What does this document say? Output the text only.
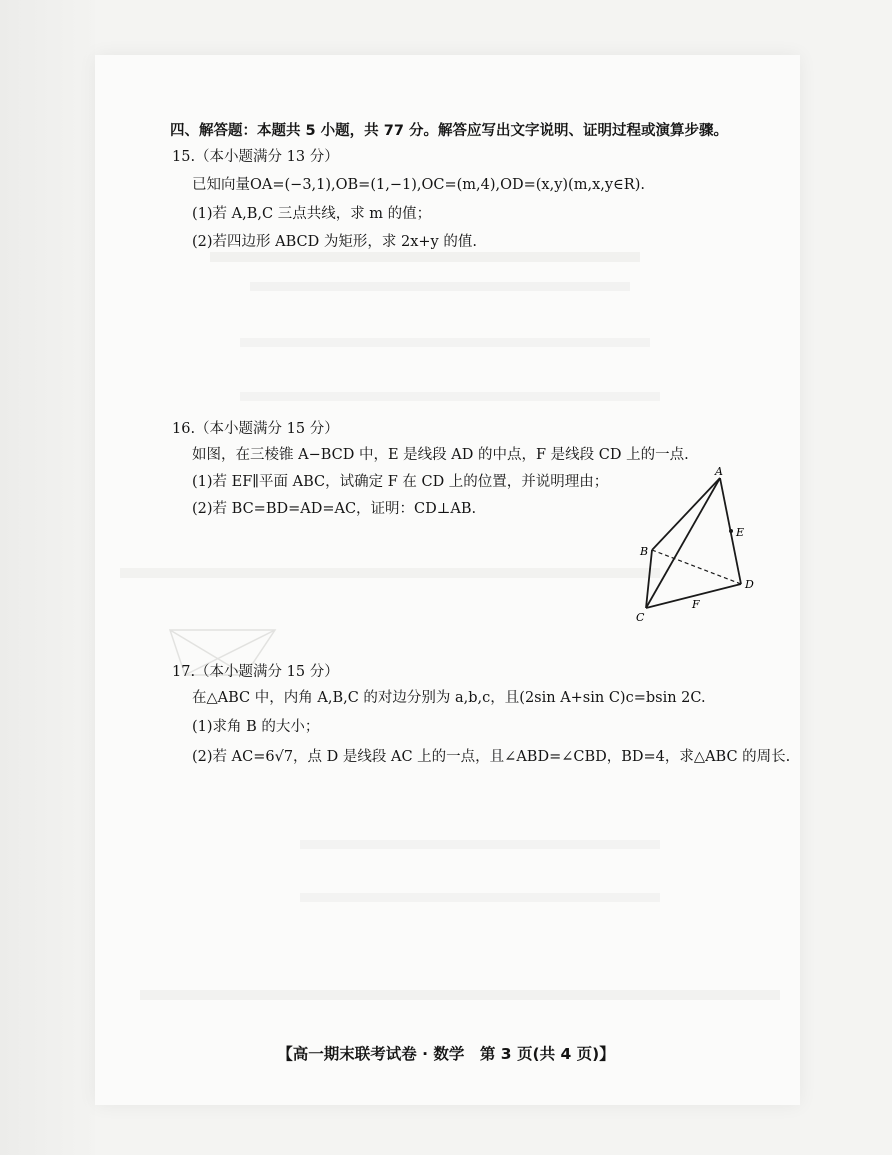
四、解答题：本题共 5 小题，共 77 分。解答应写出文字说明、证明过程或演算步骤。
15.（本小题满分 13 分）
已知向量OA=(−3,1),OB=(1,−1),OC=(m,4),OD=(x,y)(m,x,y∈R).
(1)若 A,B,C 三点共线，求 m 的值；
(2)若四边形 ABCD 为矩形，求 2x+y 的值.
16.（本小题满分 15 分）
如图，在三棱锥 A−BCD 中，E 是线段 AD 的中点，F 是线段 CD 上的一点.
(1)若 EF∥平面 ABC，试确定 F 在 CD 上的位置，并说明理由；
(2)若 BC=BD=AD=AC，证明：CD⊥AB.
A
B
C
D
E
F
17.（本小题满分 15 分）
在△ABC 中，内角 A,B,C 的对边分别为 a,b,c，且(2sin A+sin C)c=bsin 2C.
(1)求角 B 的大小；
(2)若 AC=6√7，点 D 是线段 AC 上的一点，且∠ABD=∠CBD，BD=4，求△ABC 的周长.
【高一期末联考试卷 · 数学　第 3 页(共 4 页)】
